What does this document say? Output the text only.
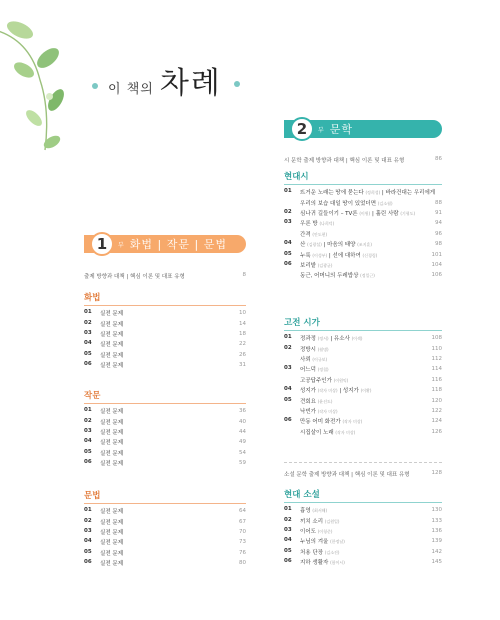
이 책의 차례
1	부 화법 | 작문 | 문법
출제 방향과 대책 | 핵심 이론 및 대표 유형	8
화법
01	실전 문제	10
02	실전 문제	14
03	실전 문제	18
04	실전 문제	22
05	실전 문제	26
06	실전 문제	31
작문
01	실전 문제	36
02	실전 문제	40
03	실전 문제	44
04	실전 문제	49
05	실전 문제	54
06	실전 문제	59
문법
01	실전 문제	64
02	실전 문제	67
03	실전 문제	70
04	실전 문제	73
05	실전 문제	76
06	실전 문제	80
2	부 문학
시 문학 출제 방향과 대책 | 핵심 이론 및 대표 유형	86
현대시
01	뜨거운 노래는 땅에 묻는다 (정희성) | 바라건대는 우리에게
우리의 보습 대일 땅이 있었더면 (김소월)	88
02	심나귀 길들이기 – TV론 (이원) | 흘린 사람 (기형도)	91
03	우론 방 (나희덕)	94
간격 (안도현)	96
04	산 (김광섭) | 마음의 태양 (조지훈)	98
05	누룩 (이성부) | 선에 대하여 (신경림)	101
06	보리밭 (김광균)	104
동근, 어머니의 두레밥상 (정일근)	106
고전 시가
01	정과정 (정서) | 유소사 (이색)	108
02	정방시 (월명)	110
사뢰 (이규보)	112
03	어느덕 (정철)	114
고공답주인가 (이원익)	116
04	성지가 (작자 미상) | 성지가 (이황)	118
05	견회요 (윤선도)	120
낙빈가 (작자 미상)	122
06	만동 어미 화전가 (작자 미상)	124
시집살이 노래 (작자 미상)	126
소설 문학 출제 방향과 대책 | 핵심 이론 및 대표 유형	128
현대 소설
01	흉영 (최서해)	130
02	끼치 소리 (김원일)	133
03	이어도 (이청준)	136
04	누님의 겨울 (한정남)	139
05	처용 단장 (김소진)	142
06	지하 생활자 (함이시)	145
